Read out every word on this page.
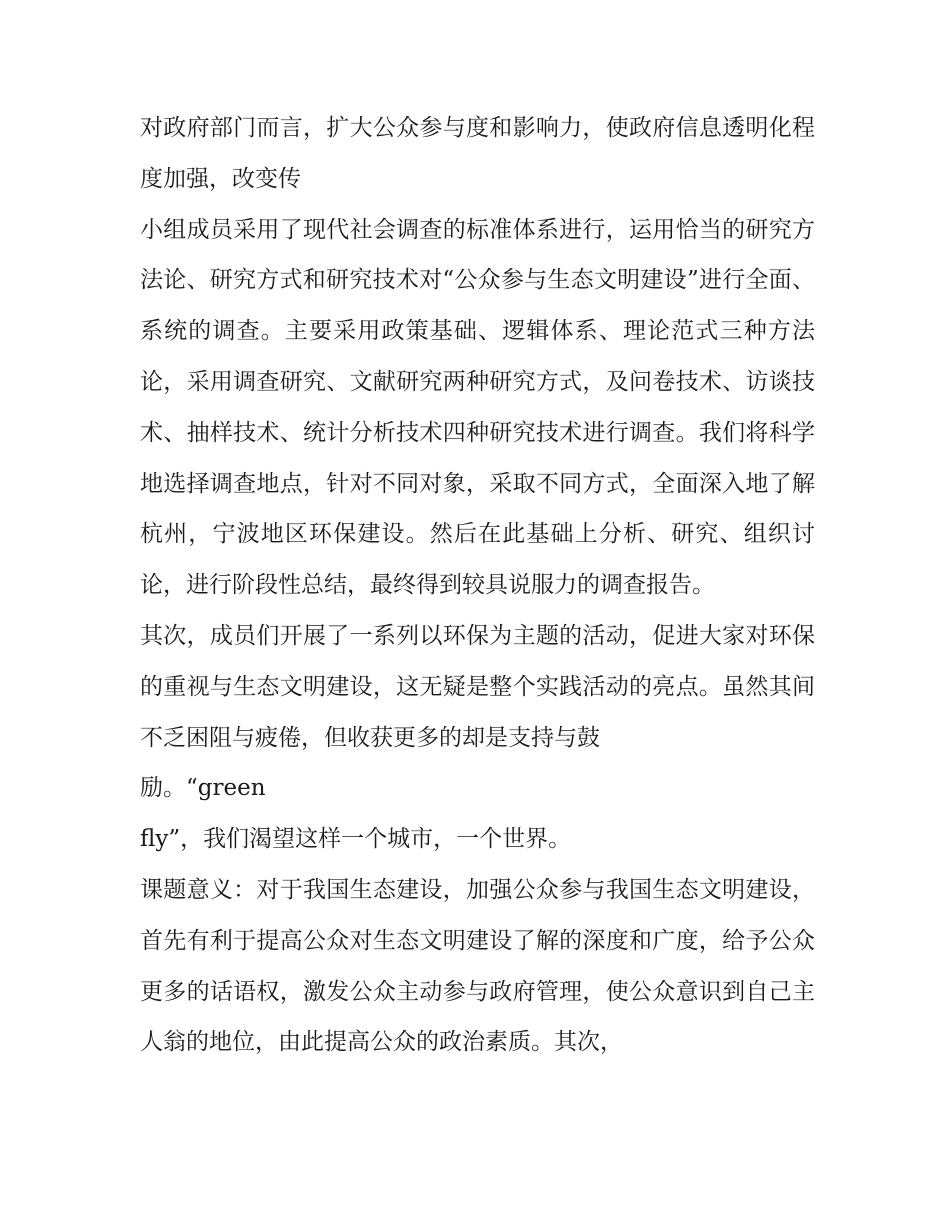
对政府部门而言，扩大公众参与度和影响力，使政府信息透明化程度加强，改变传

小组成员采用了现代社会调查的标准体系进行，运用恰当的研究方法论、研究方式和研究技术对“公众参与生态文明建设”进行全面、系统的调查。主要采用政策基础、逻辑体系、理论范式三种方法论，采用调查研究、文献研究两种研究方式，及问卷技术、访谈技术、抽样技术、统计分析技术四种研究技术进行调查。我们将科学地选择调查地点，针对不同对象，采取不同方式，全面深入地了解杭州，宁波地区环保建设。然后在此基础上分析、研究、组织讨论，进行阶段性总结，最终得到较具说服力的调查报告。

其次，成员们开展了一系列以环保为主题的活动，促进大家对环保的重视与生态文明建设，这无疑是整个实践活动的亮点。虽然其间不乏困阻与疲倦，但收获更多的却是支持与鼓

励。“green

fly”，我们渴望这样一个城市，一个世界。

课题意义：对于我国生态建设，加强公众参与我国生态文明建设，首先有利于提高公众对生态文明建设了解的深度和广度，给予公众更多的话语权，激发公众主动参与政府管理，使公众意识到自己主人翁的地位，由此提高公众的政治素质。其次，
